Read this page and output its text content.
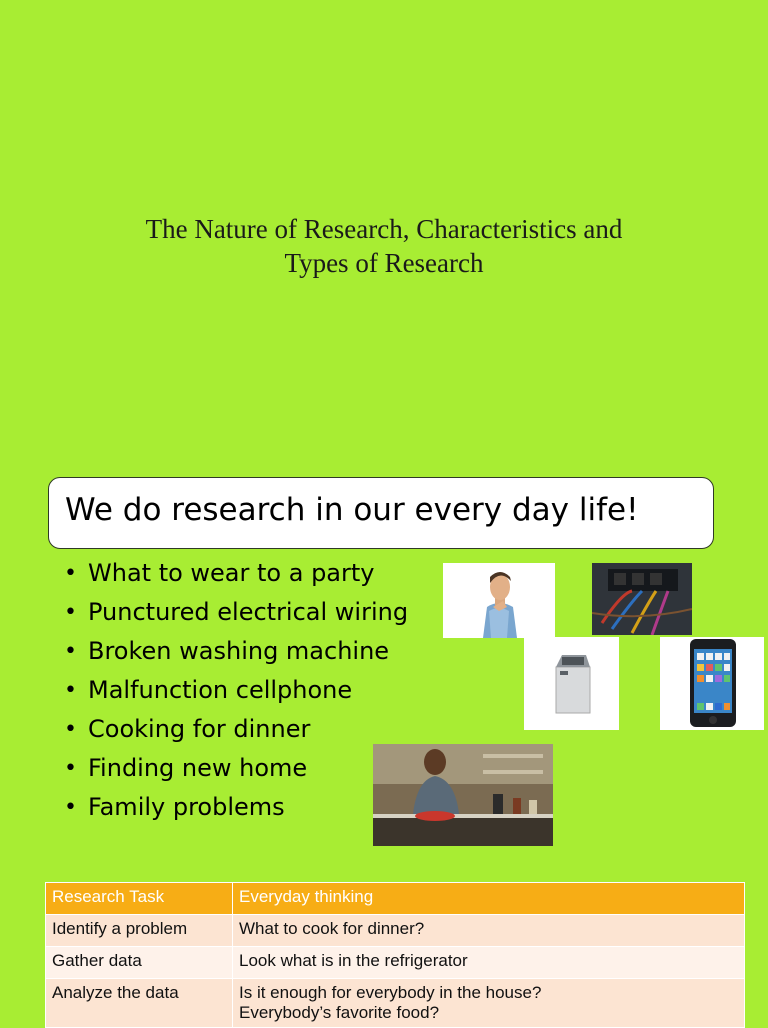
The Nature of Research, Characteristics and
Types of Research
We do research in our every day life!
• What to wear to a party
• Punctured electrical wiring
• Broken washing machine
• Malfunction cellphone
• Cooking for dinner
• Finding new home
• Family problems
Research Task	Everyday thinking
Identify a problem	What to cook for dinner?
Gather data	Look what is in the refrigerator
Analyze the data	Is it enough for everybody in the house?
Everybody’s favorite food?
